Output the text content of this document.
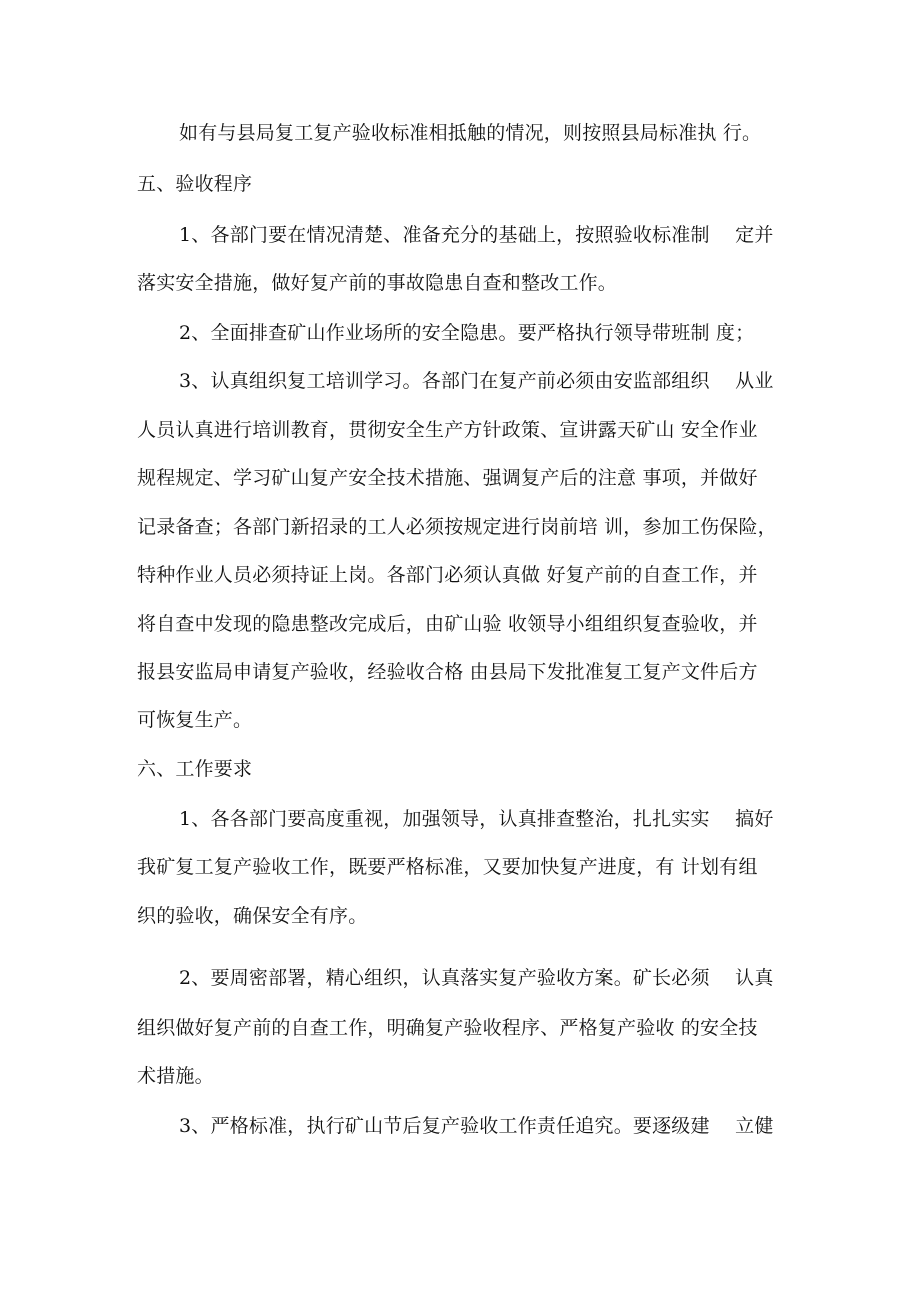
如有与县局复工复产验收标准相抵触的情况，则按照县局标准执 行。
五、验收程序
1、各部门要在情况清楚、准备充分的基础上，按照验收标准制　 定并
落实安全措施，做好复产前的事故隐患自查和整改工作。
2、全面排查矿山作业场所的安全隐患。要严格执行领导带班制 度；
3、认真组织复工培训学习。各部门在复产前必须由安监部组织　 从业
人员认真进行培训教育，贯彻安全生产方针政策、宣讲露天矿山 安全作业
规程规定、学习矿山复产安全技术措施、强调复产后的注意 事项，并做好
记录备查；各部门新招录的工人必须按规定进行岗前培 训，参加工伤保险，
特种作业人员必须持证上岗。各部门必须认真做 好复产前的自查工作，并
将自查中发现的隐患整改完成后，由矿山验 收领导小组组织复查验收，并
报县安监局申请复产验收，经验收合格 由县局下发批准复工复产文件后方
可恢复生产。
六、工作要求
1、各各部门要高度重视，加强领导，认真排查整治，扎扎实实　 搞好
我矿复工复产验收工作，既要严格标准，又要加快复产进度，有 计划有组
织的验收，确保安全有序。
2、要周密部署，精心组织，认真落实复产验收方案。矿长必须　 认真
组织做好复产前的自查工作，明确复产验收程序、严格复产验收 的安全技
术措施。
3、严格标准，执行矿山节后复产验收工作责任追究。要逐级建　 立健
